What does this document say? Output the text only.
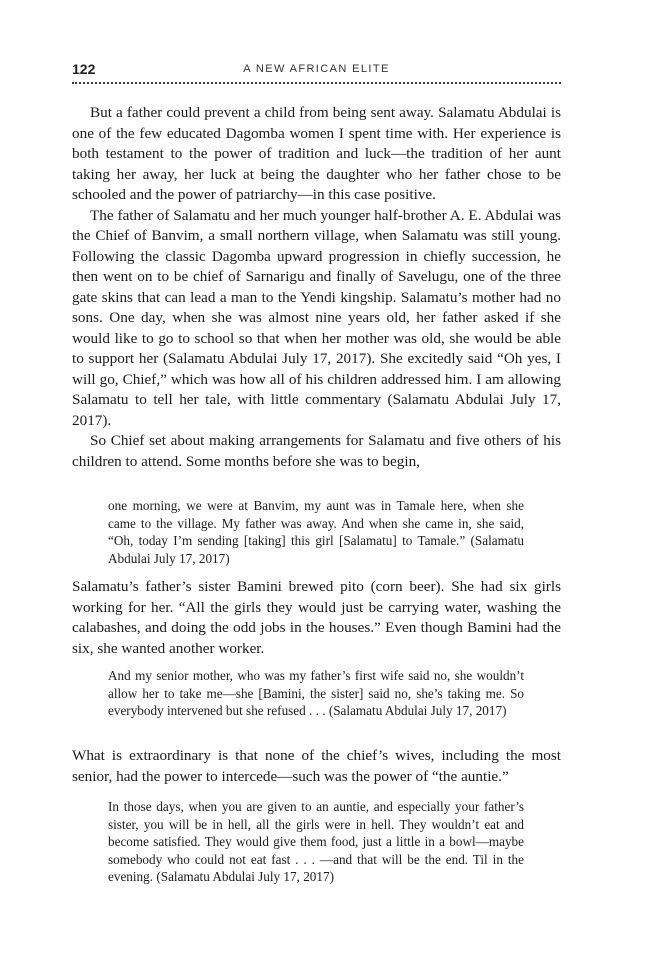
122	A NEW AFRICAN ELITE

But a father could prevent a child from being sent away. Salamatu Abdulai is one of the few educated Dagomba women I spent time with. Her experience is both testament to the power of tradition and luck—the tradition of her aunt taking her away, her luck at being the daughter who her father chose to be schooled and the power of patriarchy—in this case positive.

The father of Salamatu and her much younger half-brother A. E. Abdulai was the Chief of Banvim, a small northern village, when Salamatu was still young. Following the classic Dagomba upward progression in chiefly succession, he then went on to be chief of Sarnarigu and finally of Savelugu, one of the three gate skins that can lead a man to the Yendi kingship. Salamatu’s mother had no sons. One day, when she was almost nine years old, her father asked if she would like to go to school so that when her mother was old, she would be able to support her (Salamatu Abdulai July 17, 2017). She excitedly said “Oh yes, I will go, Chief,” which was how all of his children addressed him. I am allowing Salamatu to tell her tale, with little commentary (Salamatu Abdulai July 17, 2017).

So Chief set about making arrangements for Salamatu and five others of his children to attend. Some months before she was to begin,

one morning, we were at Banvim, my aunt was in Tamale here, when she came to the village. My father was away. And when she came in, she said, “Oh, today I’m sending [taking] this girl [Salamatu] to Tamale.” (Salamatu Abdulai July 17, 2017)

Salamatu’s father’s sister Bamini brewed pito (corn beer). She had six girls working for her. “All the girls they would just be carrying water, washing the calabashes, and doing the odd jobs in the houses.” Even though Bamini had the six, she wanted another worker.

And my senior mother, who was my father’s first wife said no, she wouldn’t allow her to take me—she [Bamini, the sister] said no, she’s taking me. So everybody intervened but she refused . . . (Salamatu Abdulai July 17, 2017)

What is extraordinary is that none of the chief’s wives, including the most senior, had the power to intercede—such was the power of “the auntie.”

In those days, when you are given to an auntie, and especially your father’s sister, you will be in hell, all the girls were in hell. They wouldn’t eat and become satisfied. They would give them food, just a little in a bowl—maybe somebody who could not eat fast . . . —and that will be the end. Til in the evening. (Salamatu Abdulai July 17, 2017)
